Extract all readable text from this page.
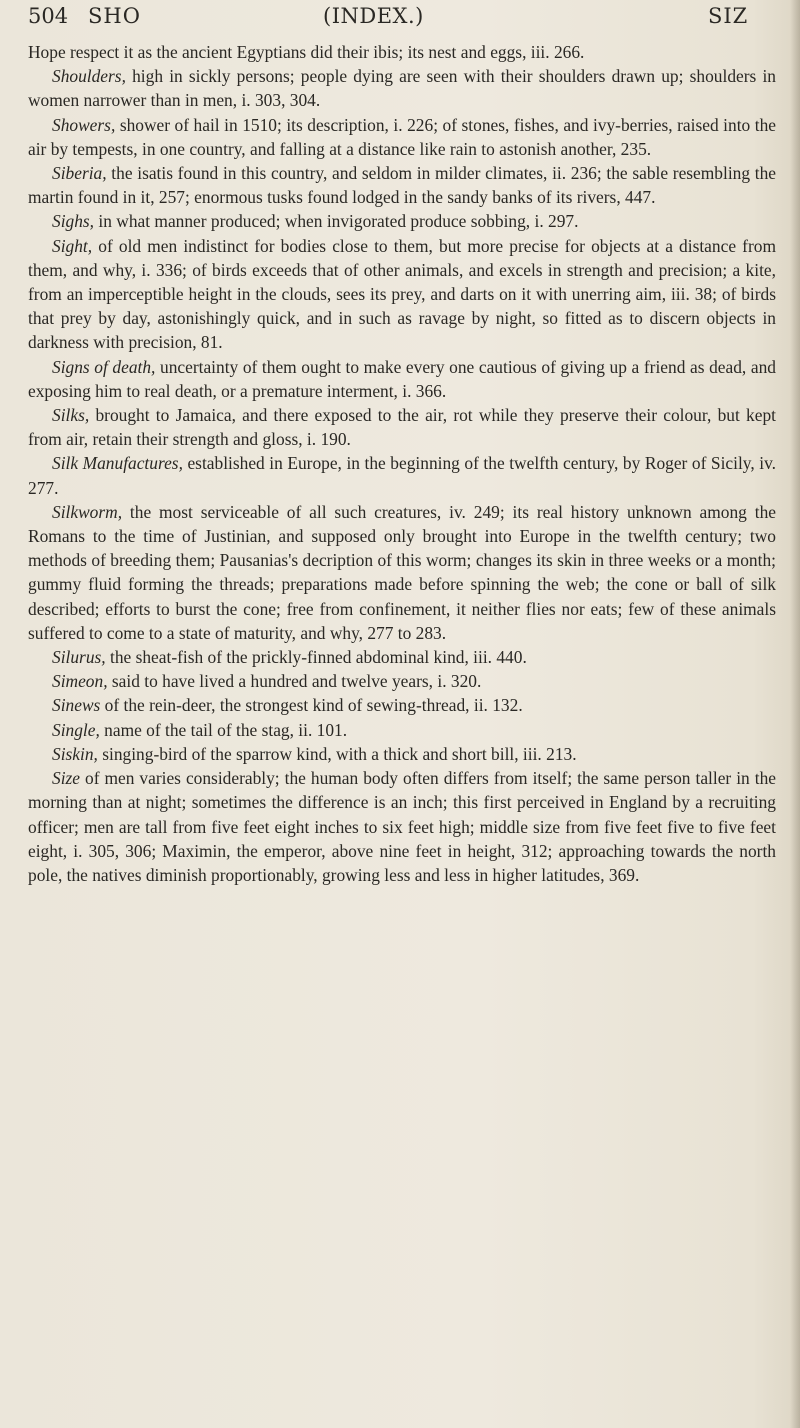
504 SHO	(INDEX.)	SIZ

Hope respect it as the ancient Egyptians did their ibis; its nest and eggs, iii. 266.

Shoulders, high in sickly persons; people dying are seen with their shoulders drawn up; shoulders in women narrower than in men, i. 303, 304.

Showers, shower of hail in 1510; its description, i. 226; of stones, fishes, and ivy-berries, raised into the air by tempests, in one country, and falling at a distance like rain to astonish another, 235.

Siberia, the isatis found in this country, and seldom in milder climates, ii. 236; the sable resembling the martin found in it, 257; enormous tusks found lodged in the sandy banks of its rivers, 447.

Sighs, in what manner produced; when invigorated produce sobbing, i. 297.

Sight, of old men indistinct for bodies close to them, but more precise for objects at a distance from them, and why, i. 336; of birds exceeds that of other animals, and excels in strength and precision; a kite, from an imperceptible height in the clouds, sees its prey, and darts on it with unerring aim, iii. 38; of birds that prey by day, astonishingly quick, and in such as ravage by night, so fitted as to discern objects in darkness with precision, 81.

Signs of death, uncertainty of them ought to make every one cautious of giving up a friend as dead, and exposing him to real death, or a premature interment, i. 366.

Silks, brought to Jamaica, and there exposed to the air, rot while they preserve their colour, but kept from air, retain their strength and gloss, i. 190.

Silk Manufactures, established in Europe, in the beginning of the twelfth century, by Roger of Sicily, iv. 277.

Silkworm, the most serviceable of all such creatures, iv. 249; its real history unknown among the Romans to the time of Justinian, and supposed only brought into Europe in the twelfth century; two methods of breeding them; Pausanias's decription of this worm; changes its skin in three weeks or a month; gummy fluid forming the threads; preparations made before spinning the web; the cone or ball of silk described; efforts to burst the cone; free from confinement, it neither flies nor eats; few of these animals suffered to come to a state of maturity, and why, 277 to 283.

Silurus, the sheat-fish of the prickly-finned abdominal kind, iii. 440.

Simeon, said to have lived a hundred and twelve years, i. 320.

Sinews of the rein-deer, the strongest kind of sewing-thread, ii. 132.

Single, name of the tail of the stag, ii. 101.

Siskin, singing-bird of the sparrow kind, with a thick and short bill, iii. 213.

Size of men varies considerably; the human body often differs from itself; the same person taller in the morning than at night; sometimes the difference is an inch; this first perceived in England by a recruiting officer; men are tall from five feet eight inches to six feet high; middle size from five feet five to five feet eight, i. 305, 306; Maximin, the emperor, above nine feet in height, 312; approaching towards the north pole, the natives diminish proportionably, growing less and less in higher latitudes, 369.
